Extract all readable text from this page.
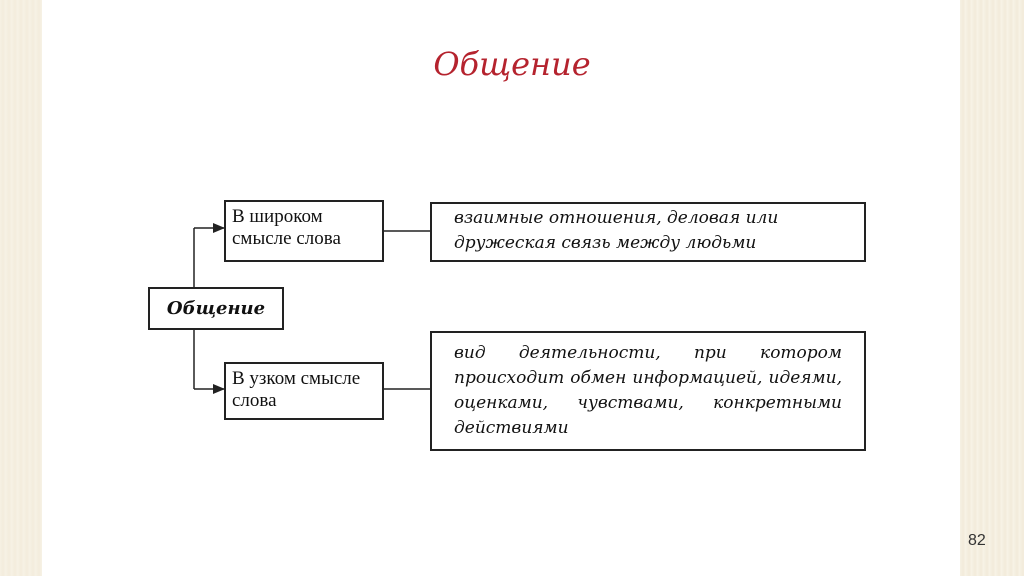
Общение
Общение
В широком смысле слова
В узком смысле слова
взаимные отношения, деловая или дружеская связь между людьми
вид деятельности, при котором происходит обмен информацией, идеями, оценками, чувствами, конкретными действиями
82
